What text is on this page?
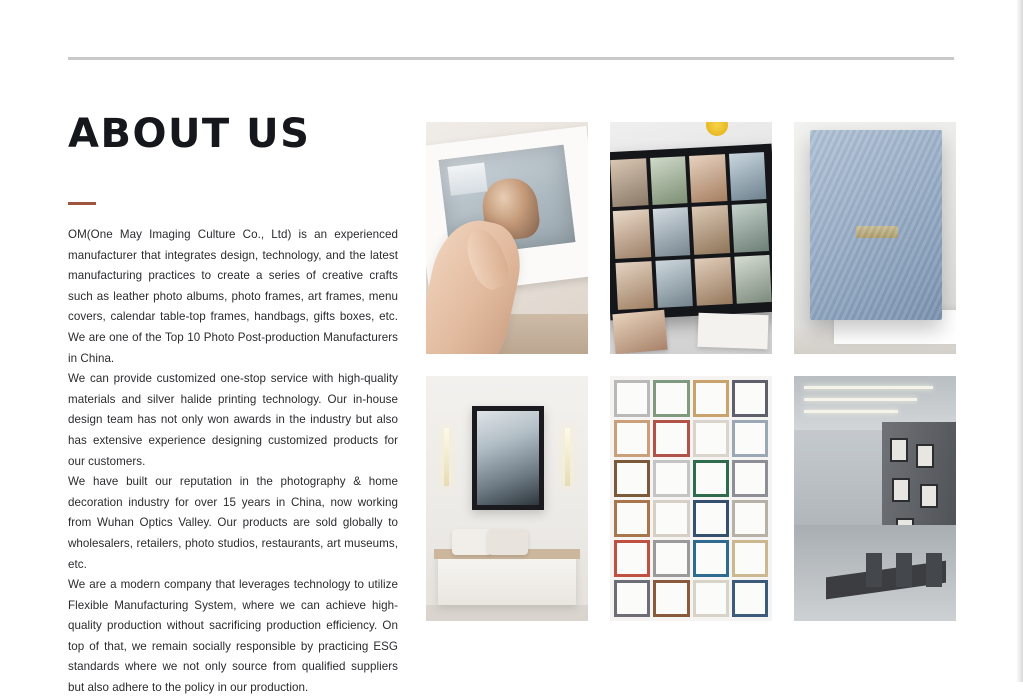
ABOUT US

OM(One May Imaging Culture Co., Ltd) is an experienced manufacturer that integrates design, technology, and the latest manufacturing practices to create a series of creative crafts such as leather photo albums, photo frames, art frames, menu covers, calendar table-top frames, handbags, gifts boxes, etc. We are one of the Top 10 Photo Post-production Manufacturers in China.

We can provide customized one-stop service with high-quality materials and silver halide printing technology. Our in-house design team has not only won awards in the industry but also has extensive experience designing customized products for our customers.

We have built our reputation in the photography & home decoration industry for over 15 years in China, now working from Wuhan Optics Valley. Our products are sold globally to wholesalers, retailers, photo studios, restaurants, art museums, etc.

We are a modern company that leverages technology to utilize Flexible Manufacturing System, where we can achieve high-quality production without sacrificing production efficiency. On top of that, we remain socially responsible by practicing ESG standards where we not only source from qualified suppliers but also adhere to the policy in our production.
